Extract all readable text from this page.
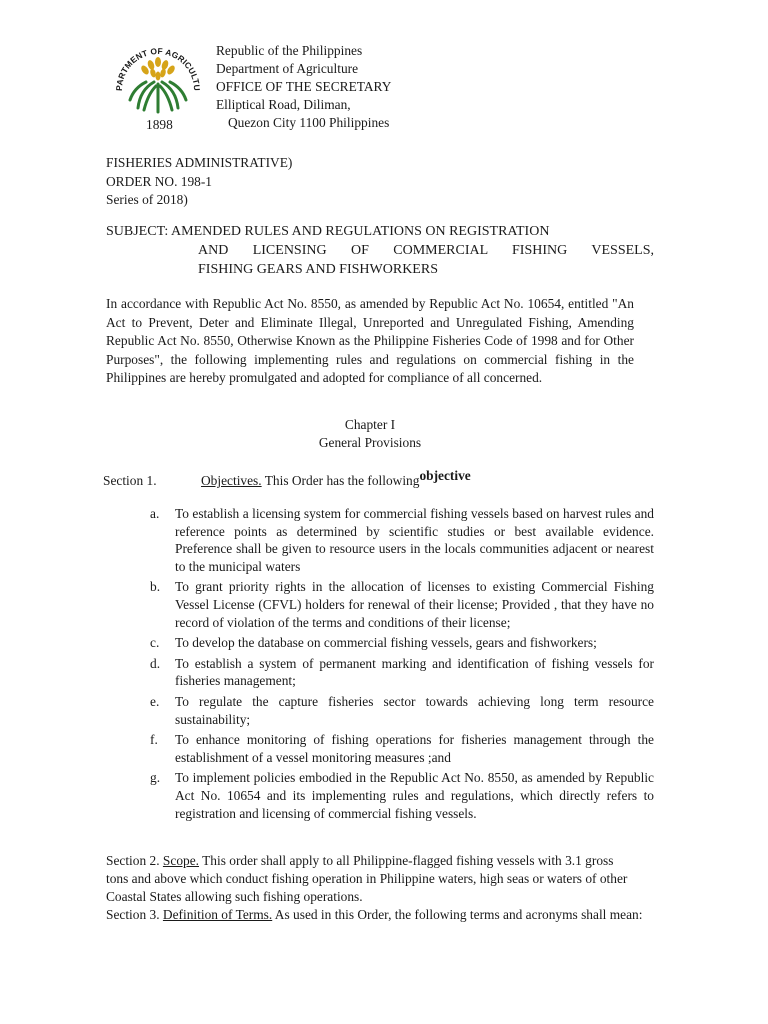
PARTMENT OF AGRICULTU
1898
Republic of the Philippines
Department of Agriculture
OFFICE OF THE SECRETARY
Elliptical Road, Diliman,
Quezon City 1100 Philippines
FISHERIES ADMINISTRATIVE)
ORDER NO. 198-1
Series of 2018)
SUBJECT: AMENDED RULES AND REGULATIONS ON REGISTRATION
AND LICENSING OF COMMERCIAL FISHING VESSELS,
FISHING GEARS AND FISHWORKERS

In accordance with Republic Act No. 8550, as amended by Republic Act No. 10654, entitled "An Act to Prevent, Deter and Eliminate Illegal, Unreported and Unregulated Fishing, Amending Republic Act No. 8550, Otherwise Known as the Philippine Fisheries Code of 1998 and for Other Purposes", the following implementing rules and regulations on commercial fishing in the Philippines are hereby promulgated and adopted for compliance of all concerned.

Chapter I
General Provisions
Section 1.	Objectives. This Order has the followingobjective
a. To establish a licensing system for commercial fishing vessels based on harvest rules and reference points as determined by scientific studies or best available evidence. Preference shall be given to resource users in the locals communities adjacent or nearest to the municipal waters
b. To grant priority rights in the allocation of licenses to existing Commercial Fishing Vessel License (CFVL) holders for renewal of their license; Provided , that they have no record of violation of the terms and conditions of their license;
c. To develop the database on commercial fishing vessels, gears and fishworkers;
d. To establish a system of permanent marking and identification of fishing vessels for fisheries management;
e. To regulate the capture fisheries sector towards achieving long term resource sustainability;
f. To enhance monitoring of fishing operations for fisheries management through the establishment of a vessel monitoring measures ;and
g. To implement policies embodied in the Republic Act No. 8550, as amended by Republic Act No. 10654 and its implementing rules and regulations, which directly refers to registration and licensing of commercial fishing vessels.

Section 2. Scope. This order shall apply to all Philippine-flagged fishing vessels with 3.1 gross tons and above which conduct fishing operation in Philippine waters, high seas or waters of other Coastal States allowing such fishing operations.

Section 3. Definition of Terms. As used in this Order, the following terms and acronyms shall mean:
